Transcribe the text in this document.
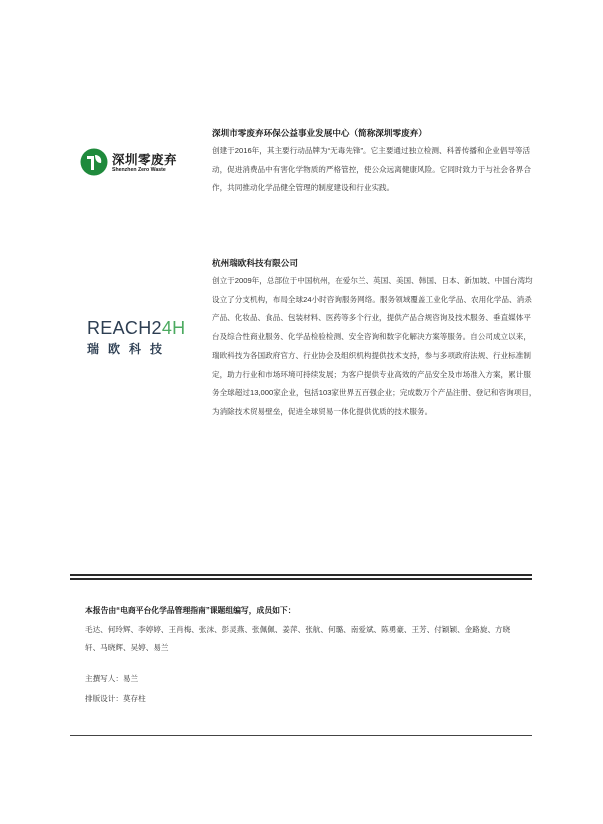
深圳零废弃
Shenzhen Zero Waste
深圳市零废弃环保公益事业发展中心（简称深圳零废弃）
创建于2016年，其主要行动品牌为“无毒先锋”。它主要通过独立检测、科普传播和企业倡导等活动，促进消费品中有害化学物质的严格管控，使公众远离健康风险。它同时致力于与社会各界合作，共同推动化学品健全管理的制度建设和行业实践。
REACH24H
瑞欧科技
杭州瑞欧科技有限公司
创立于2009年，总部位于中国杭州，在爱尔兰、英国、美国、韩国、日本、新加坡、中国台湾均设立了分支机构，布局全球24小时咨询服务网络。服务领域覆盖工业化学品、农用化学品、消杀产品、化妆品、食品、包装材料、医药等多个行业，提供产品合规咨询及技术服务、垂直媒体平台及综合性商业服务、化学品检验检测、安全咨询和数字化解决方案等服务。自公司成立以来，瑞欧科技为各国政府官方、行业协会及组织机构提供技术支持，参与多项政府法规、行业标准制定，助力行业和市场环境可持续发展；为客户提供专业高效的产品安全及市场准入方案，累计服务全球超过13,000家企业，包括103家世界五百强企业；完成数万个产品注册、登记和咨询项目，为消除技术贸易壁垒，促进全球贸易一体化提供优质的技术服务。
本报告由“电商平台化学品管理指南”课题组编写，成员如下：
毛达、何玲辉、李婷婷、王肖梅、张沫、彭灵燕、张佩佩、姜萍、张航、何璐、南爱斌、陈勇豪、王芳、付颖颖、金路旋、方晓轩、马晓辉、吴婷、易兰
主撰写人：易兰
排版设计：莫存柱
